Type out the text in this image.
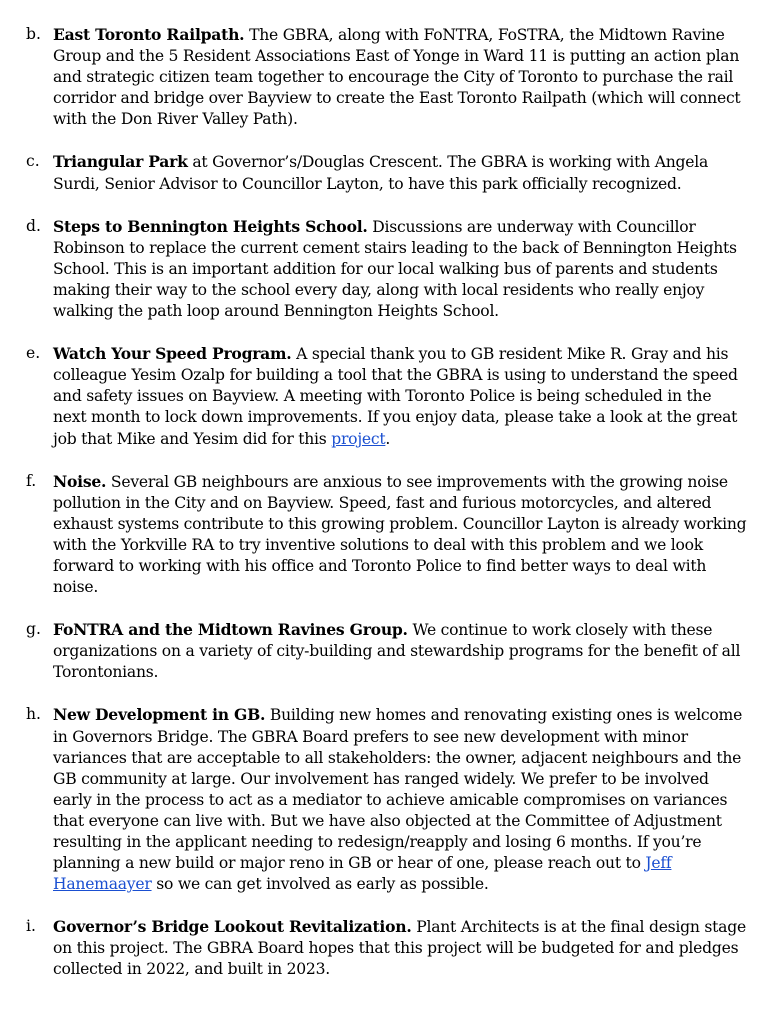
b. East Toronto Railpath. The GBRA, along with FoNTRA, FoSTRA, the Midtown Ravine Group and the 5 Resident Associations East of Yonge in Ward 11 is putting an action plan and strategic citizen team together to encourage the City of Toronto to purchase the rail corridor and bridge over Bayview to create the East Toronto Railpath (which will connect with the Don River Valley Path).
c. Triangular Park at Governor’s/Douglas Crescent. The GBRA is working with Angela Surdi, Senior Advisor to Councillor Layton, to have this park officially recognized.
d. Steps to Bennington Heights School. Discussions are underway with Councillor Robinson to replace the current cement stairs leading to the back of Bennington Heights School. This is an important addition for our local walking bus of parents and students making their way to the school every day, along with local residents who really enjoy walking the path loop around Bennington Heights School.
e. Watch Your Speed Program. A special thank you to GB resident Mike R. Gray and his colleague Yesim Ozalp for building a tool that the GBRA is using to understand the speed and safety issues on Bayview. A meeting with Toronto Police is being scheduled in the next month to lock down improvements. If you enjoy data, please take a look at the great job that Mike and Yesim did for this project.
f.	Noise. Several GB neighbours are anxious to see improvements with the growing noise pollution in the City and on Bayview. Speed, fast and furious motorcycles, and altered exhaust systems contribute to this growing problem. Councillor Layton is already working with the Yorkville RA to try inventive solutions to deal with this problem and we look forward to working with his office and Toronto Police to find better ways to deal with noise.
g. FoNTRA and the Midtown Ravines Group. We continue to work closely with these organizations on a variety of city-building and stewardship programs for the benefit of all Torontonians.
h. New Development in GB. Building new homes and renovating existing ones is welcome in Governors Bridge. The GBRA Board prefers to see new development with minor variances that are acceptable to all stakeholders: the owner, adjacent neighbours and the GB community at large. Our involvement has ranged widely. We prefer to be involved early in the process to act as a mediator to achieve amicable compromises on variances that everyone can live with. But we have also objected at the Committee of Adjustment resulting in the applicant needing to redesign/reapply and losing 6 months. If you’re planning a new build or major reno in GB or hear of one, please reach out to Jeff Hanemaayer so we can get involved as early as possible.
i.	Governor’s Bridge Lookout Revitalization. Plant Architects is at the final design stage on this project. The GBRA Board hopes that this project will be budgeted for and pledges collected in 2022, and built in 2023.
